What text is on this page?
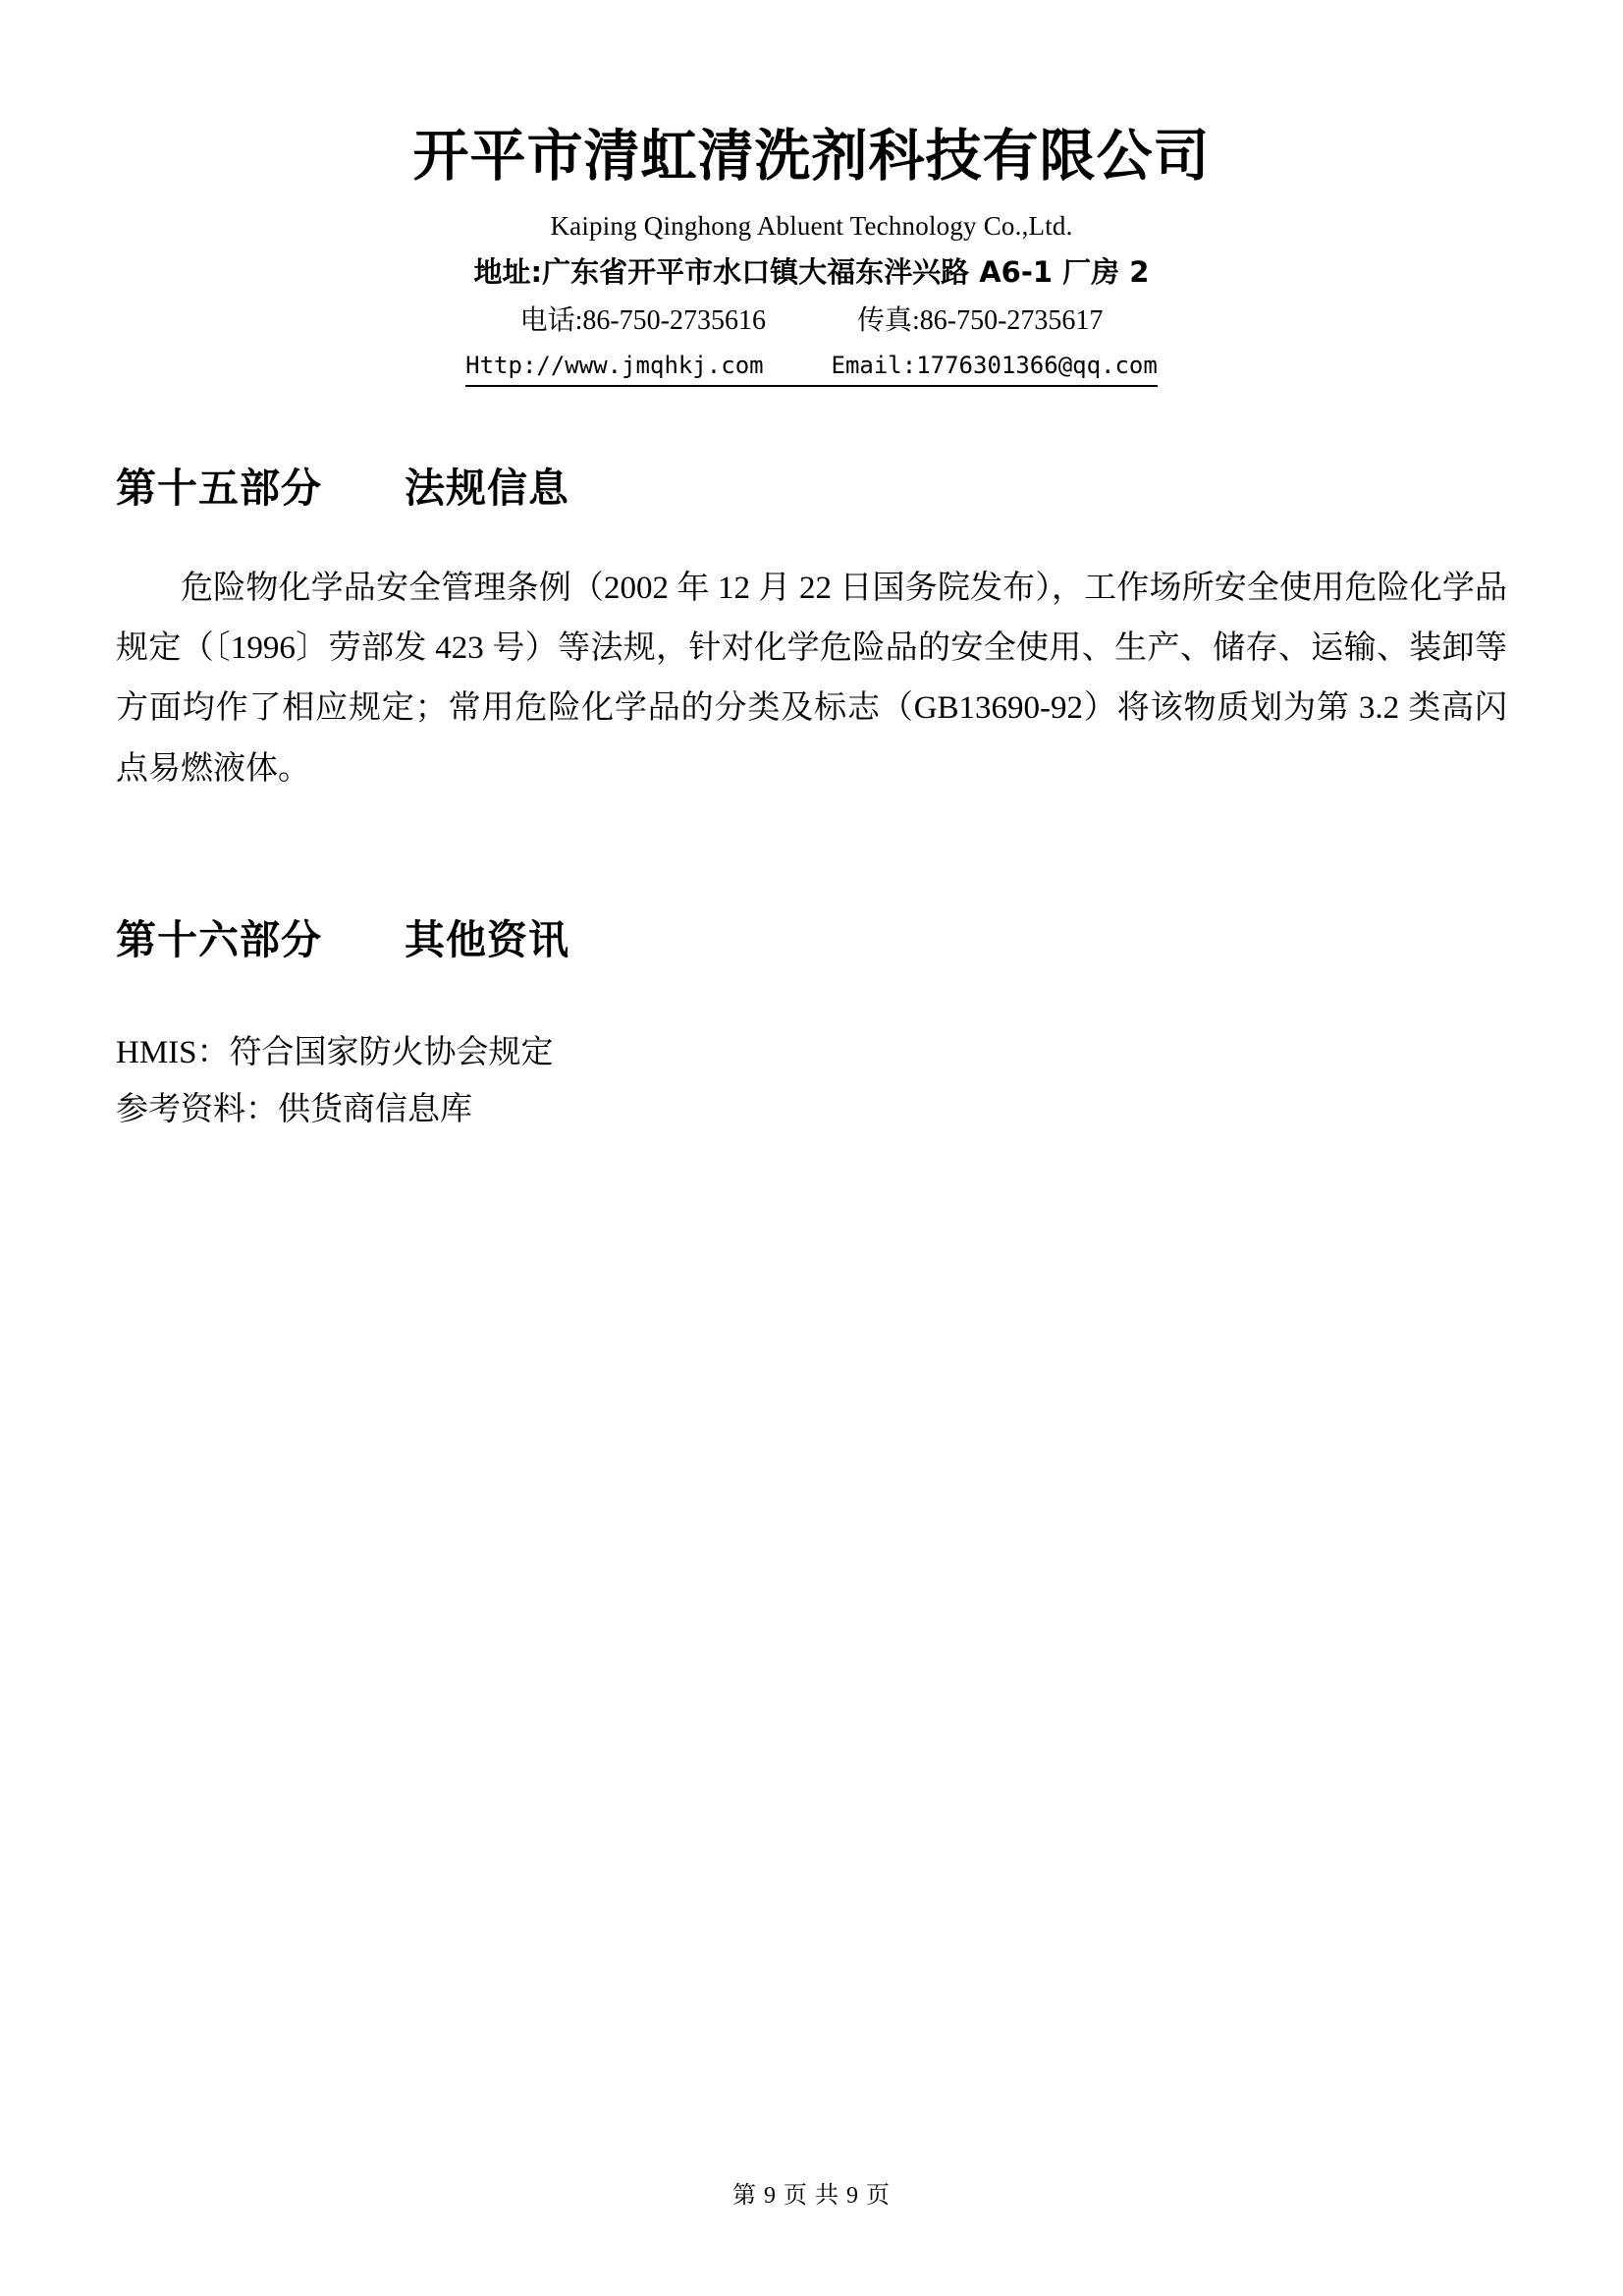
开平市清虹清洗剂科技有限公司
Kaiping Qinghong Abluent Technology Co.,Ltd.
地址:广东省开平市水口镇大福东泮兴路 A6-1 厂房 2
电话:86-750-2735616	传真:86-750-2735617
Http://www.jmqhkj.com	Email:1776301366@qq.com
第十五部分 法规信息
危险物化学品安全管理条例（2002 年 12 月 22 日国务院发布），工作场所安全使用危险化学品规定（〔1996〕劳部发 423 号）等法规，针对化学危险品的安全使用、生产、储存、运输、装卸等方面均作了相应规定；常用危险化学品的分类及标志（GB13690-92）将该物质划为第 3.2 类高闪点易燃液体。
第十六部分 其他资讯
HMIS：符合国家防火协会规定
参考资料：供货商信息库
第 9 页 共 9 页
